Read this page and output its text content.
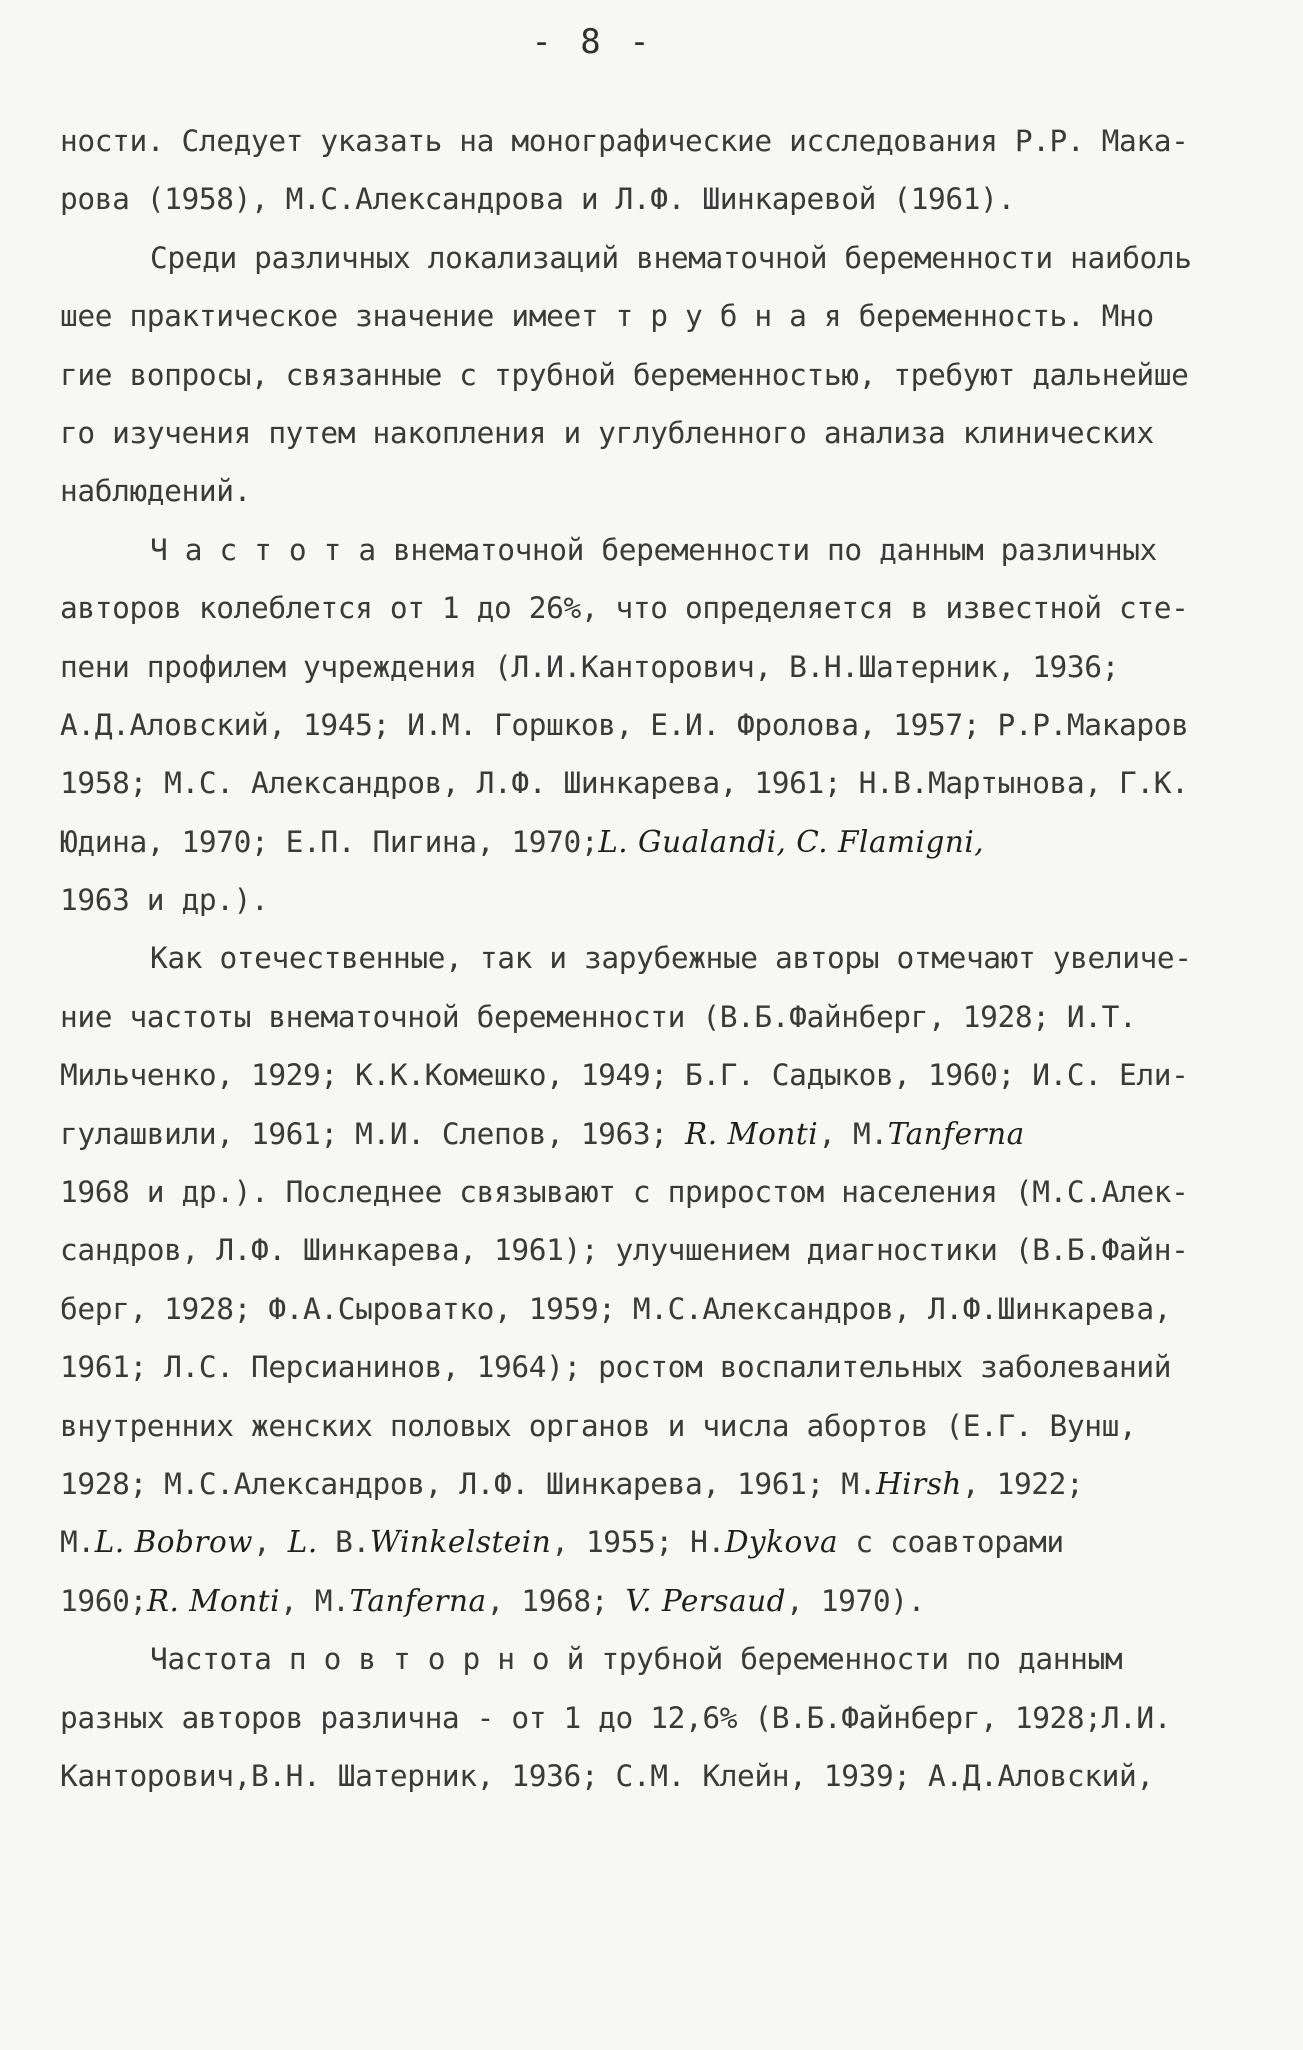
- 8 -
ности. Следует указать на монографические исследования Р.Р. Мака-
рова (1958), М.С.Александрова и Л.Ф. Шинкаревой (1961).
Среди различных локализаций внематочной беременности наиболь
шее практическое значение имеет т р у б н а я беременность. Мно
гие вопросы, связанные с трубной беременностью, требуют дальнейше
го изучения путем накопления и углубленного анализа клинических
наблюдений.
Ч а с т о т а внематочной беременности по данным различных
авторов колеблется от 1 до 26%, что определяется в известной сте-
пени профилем учреждения (Л.И.Канторович, В.Н.Шатерник, 1936;
А.Д.Аловский, 1945; И.М. Горшков, Е.И. Фролова, 1957; Р.Р.Макаров
1958; М.С. Александров, Л.Ф. Шинкарева, 1961; Н.В.Мартынова, Г.К.
Юдина, 1970; Е.П. Пигина, 1970;L. Gualandi, C. Flamigni,
1963 и др.).
Как отечественные, так и зарубежные авторы отмечают увеличе-
ние частоты внематочной беременности (В.Б.Файнберг, 1928; И.Т.
Мильченко, 1929; К.К.Комешко, 1949; Б.Г. Садыков, 1960; И.С. Ели-
гулашвили, 1961; М.И. Слепов, 1963; R. Monti, М.Tanferna
1968 и др.). Последнее связывают с приростом населения (М.С.Алек-
сандров, Л.Ф. Шинкарева, 1961); улучшением диагностики (В.Б.Файн-
берг, 1928; Ф.А.Сыроватко, 1959; М.С.Александров, Л.Ф.Шинкарева,
1961; Л.С. Персианинов, 1964); ростом воспалительных заболеваний
внутренних женских половых органов и числа абортов (Е.Г. Вунш,
1928; М.С.Александров, Л.Ф. Шинкарева, 1961; М.Hirsh, 1922;
М.L. Bobrow, L. В.Winkelstein, 1955; Н.Dykova с соавторами
1960;R. Monti, М.Tanferna, 1968; V. Persaud, 1970).
Частота п о в т о р н о й трубной беременности по данным
разных авторов различна - от 1 до 12,6% (В.Б.Файнберг, 1928;Л.И.
Канторович,В.Н. Шатерник, 1936; С.М. Клейн, 1939; А.Д.Аловский,
